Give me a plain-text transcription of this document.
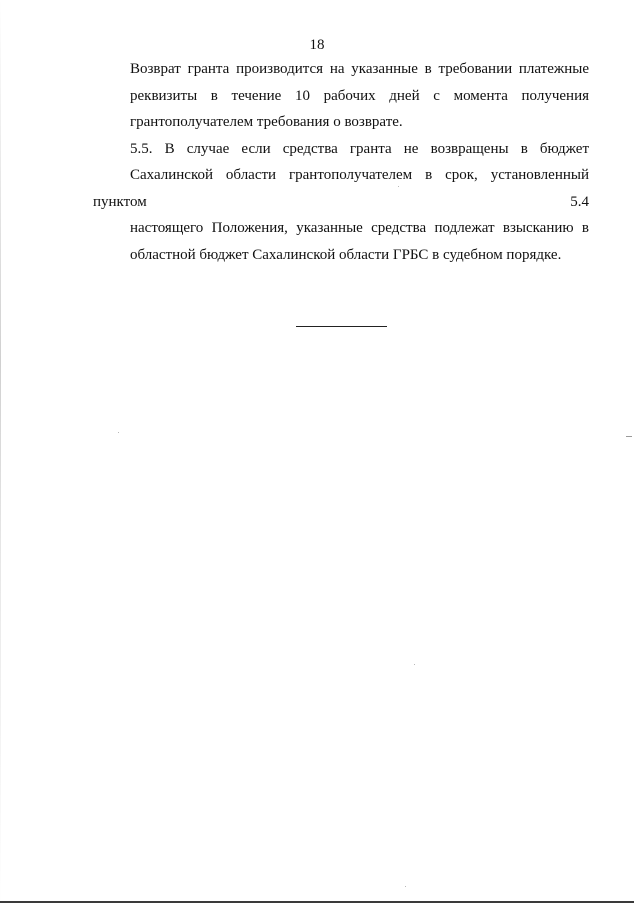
18

Возврат гранта производится на указанные в требовании платежные
реквизиты в течение 10 рабочих дней с момента получения
грантополучателем требования о возврате.

5.5. В случае если средства гранта не возвращены в бюджет
Сахалинской области грантополучателем в срок, установленный пунктом 5.4
настоящего Положения, указанные средства подлежат взысканию в
областной бюджет Сахалинской области ГРБС в судебном порядке.
